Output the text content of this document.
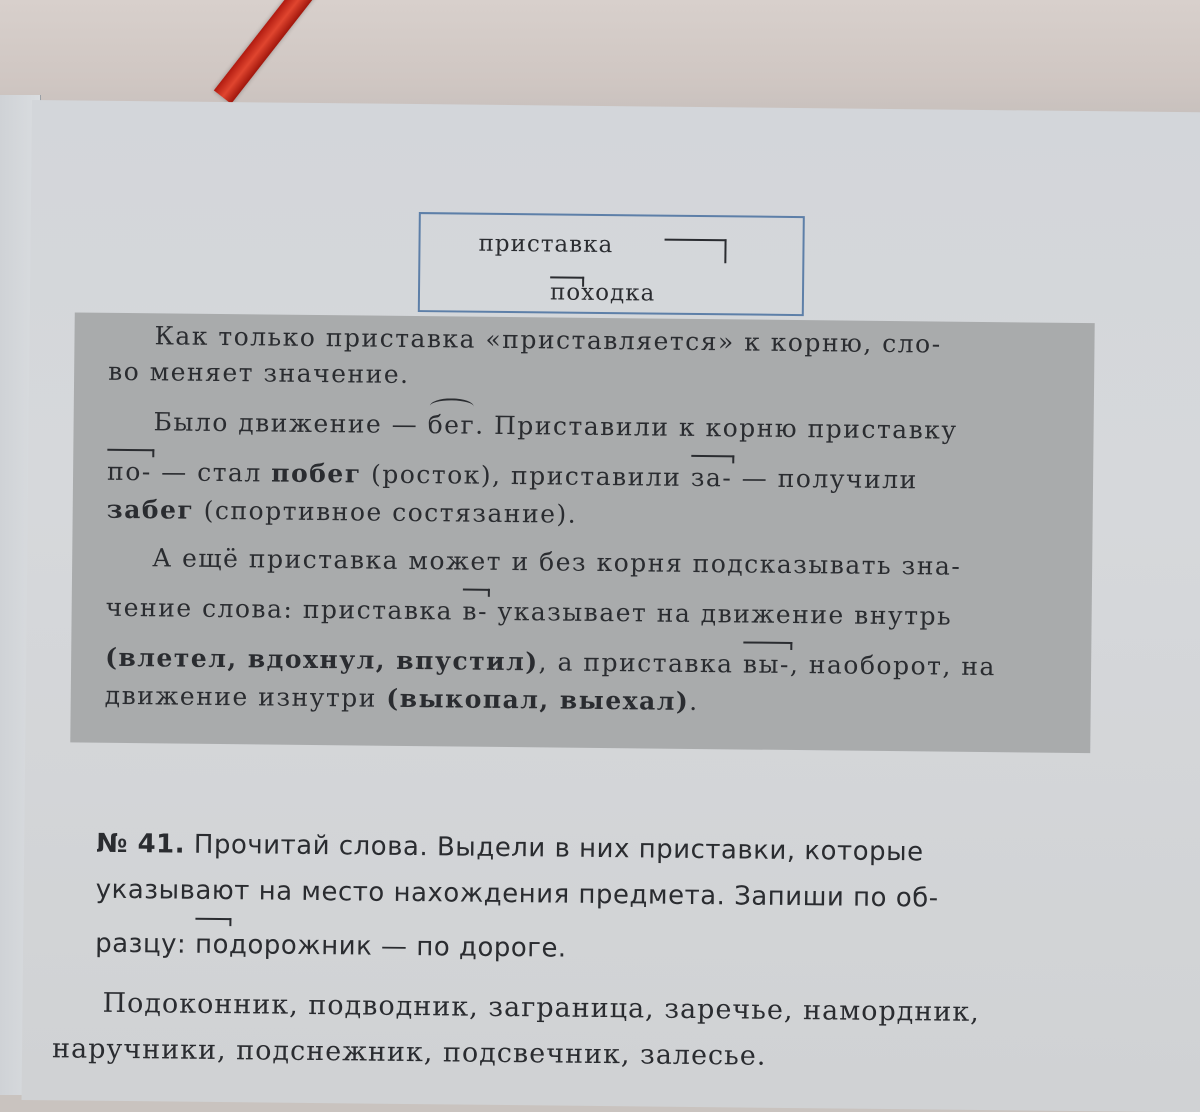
приставка
походка

Как только приставка «приставляется» к корню, сло-

во меняет значение.

Было движение — бег. Приставили к корню приставку

по- — стал побег (росток), приставили за- — получили

забег (спортивное состязание).

А ещё приставка может и без корня подсказывать зна-

чение слова: приставка в- указывает на движение внутрь

(влетел, вдохнул, впустил), а приставка вы-, наоборот, на

движение изнутри (выкопал, выехал).

№ 41. Прочитай слова. Выдели в них приставки, которые
указывают на место нахождения предмета. Запиши по об-
разцу: подорожник — по дороге.
Подоконник, подводник, заграница, заречье, намордник,
наручники, подснежник, подсвечник, залесье.
